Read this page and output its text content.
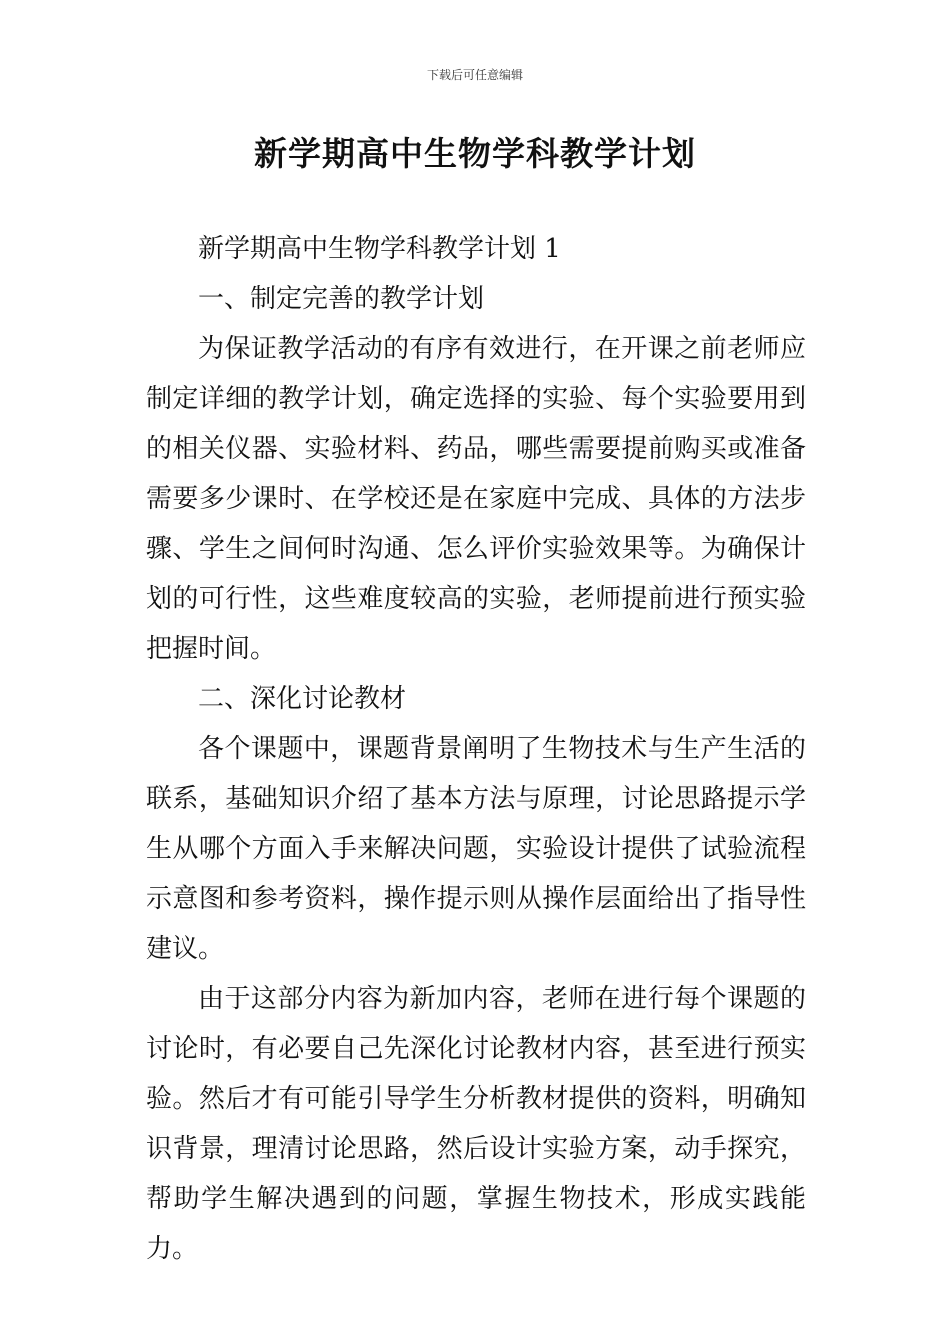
下载后可任意编辑
新学期高中生物学科教学计划

新学期高中生物学科教学计划 1

一、制定完善的教学计划

为保证教学活动的有序有效进行，在开课之前老师应制定详细的教学计划，确定选择的实验、每个实验要用到的相关仪器、实验材料、药品，哪些需要提前购买或准备需要多少课时、在学校还是在家庭中完成、具体的方法步骤、学生之间何时沟通、怎么评价实验效果等。为确保计划的可行性，这些难度较高的实验，老师提前进行预实验把握时间。

二、深化讨论教材

各个课题中，课题背景阐明了生物技术与生产生活的联系，基础知识介绍了基本方法与原理，讨论思路提示学生从哪个方面入手来解决问题，实验设计提供了试验流程示意图和参考资料，操作提示则从操作层面给出了指导性建议。

由于这部分内容为新加内容，老师在进行每个课题的讨论时，有必要自己先深化讨论教材内容，甚至进行预实验。然后才有可能引导学生分析教材提供的资料，明确知识背景，理清讨论思路，然后设计实验方案，动手探究，帮助学生解决遇到的问题，掌握生物技术，形成实践能力。
